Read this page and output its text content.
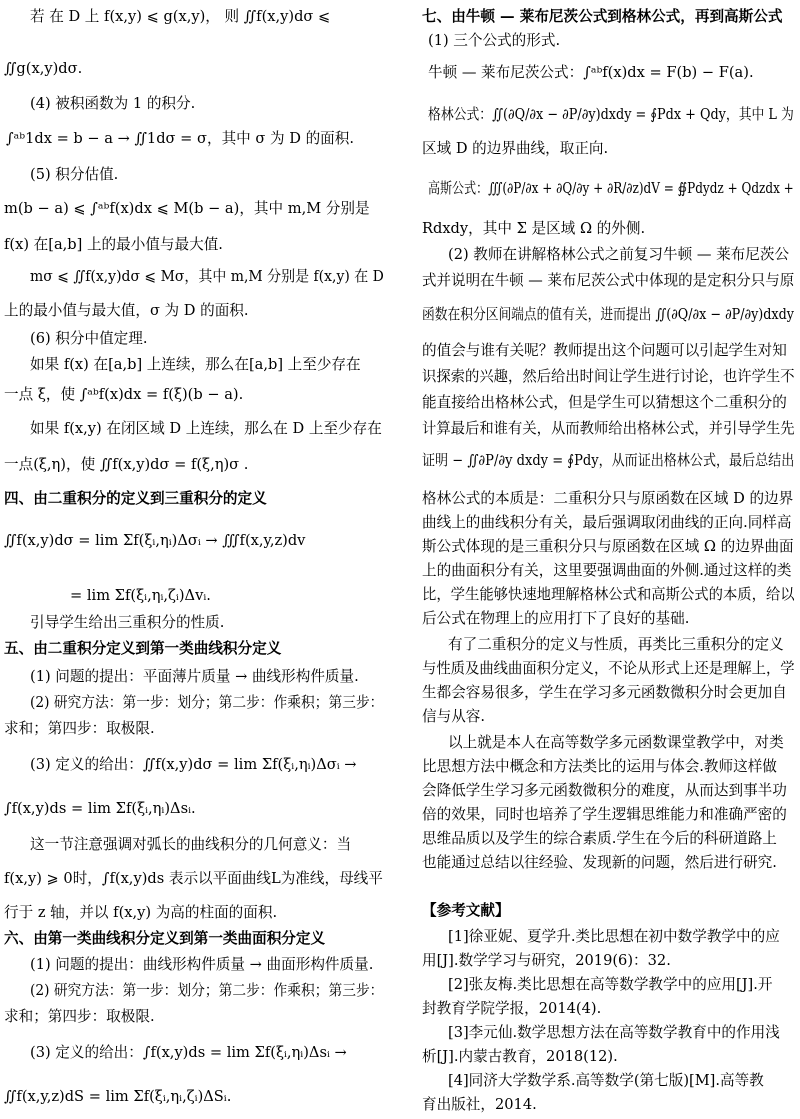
若 在 D 上 f(x,y) ⩽ g(x,y)， 则 ∬f(x,y)dσ ⩽
∬g(x,y)dσ.
(4) 被积函数为 1 的积分.
∫ᵃᵇ1dx = b − a → ∬1dσ = σ，其中 σ 为 D 的面积.
(5) 积分估值.
m(b − a) ⩽ ∫ᵃᵇf(x)dx ⩽ M(b − a)，其中 m,M 分别是
f(x) 在[a,b] 上的最小值与最大值.
mσ ⩽ ∬f(x,y)dσ ⩽ Mσ，其中 m,M 分别是 f(x,y) 在 D
上的最小值与最大值，σ 为 D 的面积.
(6) 积分中值定理.
如果 f(x) 在[a,b] 上连续，那么在[a,b] 上至少存在
一点 ξ，使 ∫ᵃᵇf(x)dx = f(ξ)(b − a).
如果 f(x,y) 在闭区域 D 上连续，那么在 D 上至少存在
一点(ξ,η)，使 ∬f(x,y)dσ = f(ξ,η)σ .
四、由二重积分的定义到三重积分的定义
∬f(x,y)dσ = lim Σf(ξᵢ,ηᵢ)Δσᵢ → ∭f(x,y,z)dv
= lim Σf(ξᵢ,ηᵢ,ζᵢ)Δvᵢ.
引导学生给出三重积分的性质.
五、由二重积分定义到第一类曲线积分定义
(1) 问题的提出：平面薄片质量 → 曲线形构件质量.
(2) 研究方法：第一步：划分；第二步：作乘积；第三步：
求和；第四步：取极限.
(3) 定义的给出：∬f(x,y)dσ = lim Σf(ξᵢ,ηᵢ)Δσᵢ →
∫f(x,y)ds = lim Σf(ξᵢ,ηᵢ)Δsᵢ.
这一节注意强调对弧长的曲线积分的几何意义：当
f(x,y) ⩾ 0时，∫f(x,y)ds 表示以平面曲线L为准线，母线平
行于 z 轴，并以 f(x,y) 为高的柱面的面积.
六、由第一类曲线积分定义到第一类曲面积分定义
(1) 问题的提出：曲线形构件质量 → 曲面形构件质量.
(2) 研究方法：第一步：划分；第二步：作乘积；第三步：
求和；第四步：取极限.
(3) 定义的给出：∫f(x,y)ds = lim Σf(ξᵢ,ηᵢ)Δsᵢ →
∬f(x,y,z)dS = lim Σf(ξᵢ,ηᵢ,ζᵢ)ΔSᵢ.
七、由牛顿 — 莱布尼茨公式到格林公式，再到高斯公式
(1) 三个公式的形式.
牛顿 — 莱布尼茨公式：∫ᵃᵇf(x)dx = F(b) − F(a).
格林公式：∬(∂Q/∂x − ∂P/∂y)dxdy = ∮Pdx + Qdy，其中 L 为
区域 D 的边界曲线，取正向.
高斯公式：∭(∂P/∂x + ∂Q/∂y + ∂R/∂z)dV = ∯Pdydz + Qdzdx +
Rdxdy，其中 Σ 是区域 Ω 的外侧.
(2) 教师在讲解格林公式之前复习牛顿 — 莱布尼茨公
式并说明在牛顿 — 莱布尼茨公式中体现的是定积分只与原
函数在积分区间端点的值有关，进而提出 ∬(∂Q/∂x − ∂P/∂y)dxdy
的值会与谁有关呢？教师提出这个问题可以引起学生对知
识探索的兴趣，然后给出时间让学生进行讨论，也许学生不
能直接给出格林公式，但是学生可以猜想这个二重积分的
计算最后和谁有关，从而教师给出格林公式，并引导学生先
证明 − ∬∂P/∂y dxdy = ∮Pdy，从而证出格林公式，最后总结出
格林公式的本质是：二重积分只与原函数在区域 D 的边界
曲线上的曲线积分有关，最后强调取闭曲线的正向.同样高
斯公式体现的是三重积分只与原函数在区域 Ω 的边界曲面
上的曲面积分有关，这里要强调曲面的外侧.通过这样的类
比，学生能够快速地理解格林公式和高斯公式的本质，给以
后公式在物理上的应用打下了良好的基础.
有了二重积分的定义与性质，再类比三重积分的定义
与性质及曲线曲面积分定义，不论从形式上还是理解上，学
生都会容易很多，学生在学习多元函数微积分时会更加自
信与从容.
以上就是本人在高等数学多元函数课堂教学中，对类
比思想方法中概念和方法类比的运用与体会.教师这样做
会降低学生学习多元函数微积分的难度，从而达到事半功
倍的效果，同时也培养了学生逻辑思维能力和准确严密的
思维品质以及学生的综合素质.学生在今后的科研道路上
也能通过总结以往经验、发现新的问题，然后进行研究.
【参考文献】
[1]徐亚妮、夏学升.类比思想在初中数学教学中的应
用[J].数学学习与研究，2019(6)：32.
[2]张友梅.类比思想在高等数学教学中的应用[J].开
封教育学院学报，2014(4).
[3]李元仙.数学思想方法在高等数学教育中的作用浅
析[J].内蒙古教育，2018(12).
[4]同济大学数学系.高等数学(第七版)[M].高等教
育出版社，2014.
